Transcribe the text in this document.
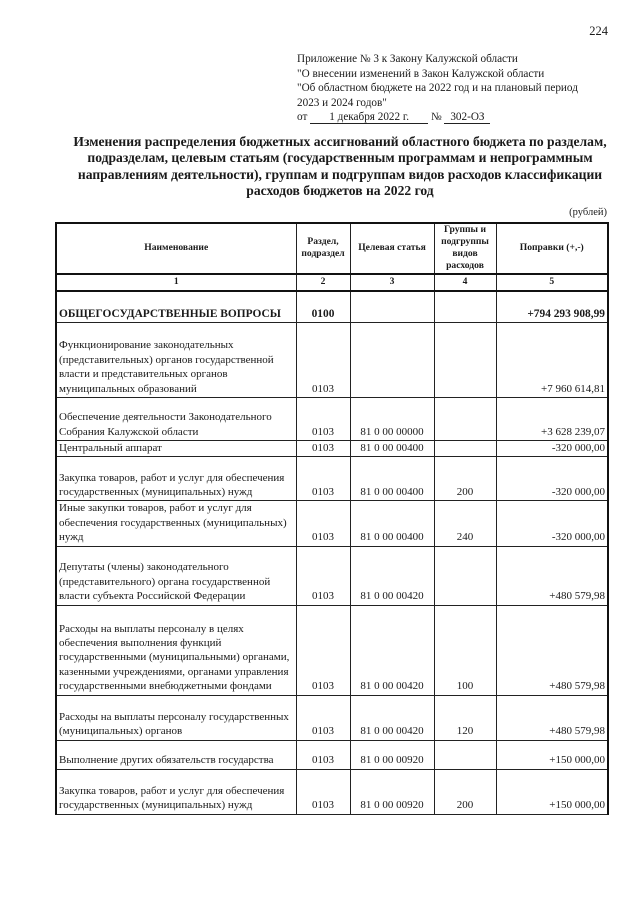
224
Приложение № 3 к Закону Калужской области
"О внесении изменений в Закон Калужской области
"Об областном бюджете на 2022 год и на плановый период
2023 и 2024 годов"
от 1 декабря 2022 г. № 302-ОЗ
Изменения распределения бюджетных ассигнований областного бюджета по разделам, подразделам, целевым статьям (государственным программам и непрограммным направлениям деятельности), группам и подгруппам видов расходов классификации расходов бюджетов на 2022 год
(рублей)
Наименование	Раздел, подраздел	Целевая статья	Группы и подгруппы видов расходов	Поправки (+,-)
1	2	3	4	5
ОБЩЕГОСУДАРСТВЕННЫЕ ВОПРОСЫ	0100			+794 293 908,99
Функционирование законодательных (представительных) органов государственной власти и представительных органов муниципальных образований	0103			+7 960 614,81
Обеспечение деятельности Законодательного Собрания Калужской области	0103	81 0 00 00000		+3 628 239,07
Центральный аппарат	0103	81 0 00 00400		-320 000,00
Закупка товаров, работ и услуг для обеспечения государственных (муниципальных) нужд	0103	81 0 00 00400	200	-320 000,00
Иные закупки товаров, работ и услуг для обеспечения государственных (муниципальных) нужд	0103	81 0 00 00400	240	-320 000,00
Депутаты (члены) законодательного (представительного) органа государственной власти субъекта Российской Федерации	0103	81 0 00 00420		+480 579,98
Расходы на выплаты персоналу в целях обеспечения выполнения функций государственными (муниципальными) органами, казенными учреждениями, органами управления государственными внебюджетными фондами	0103	81 0 00 00420	100	+480 579,98
Расходы на выплаты персоналу государственных (муниципальных) органов	0103	81 0 00 00420	120	+480 579,98
Выполнение других обязательств государства	0103	81 0 00 00920		+150 000,00
Закупка товаров, работ и услуг для обеспечения государственных (муниципальных) нужд	0103	81 0 00 00920	200	+150 000,00
